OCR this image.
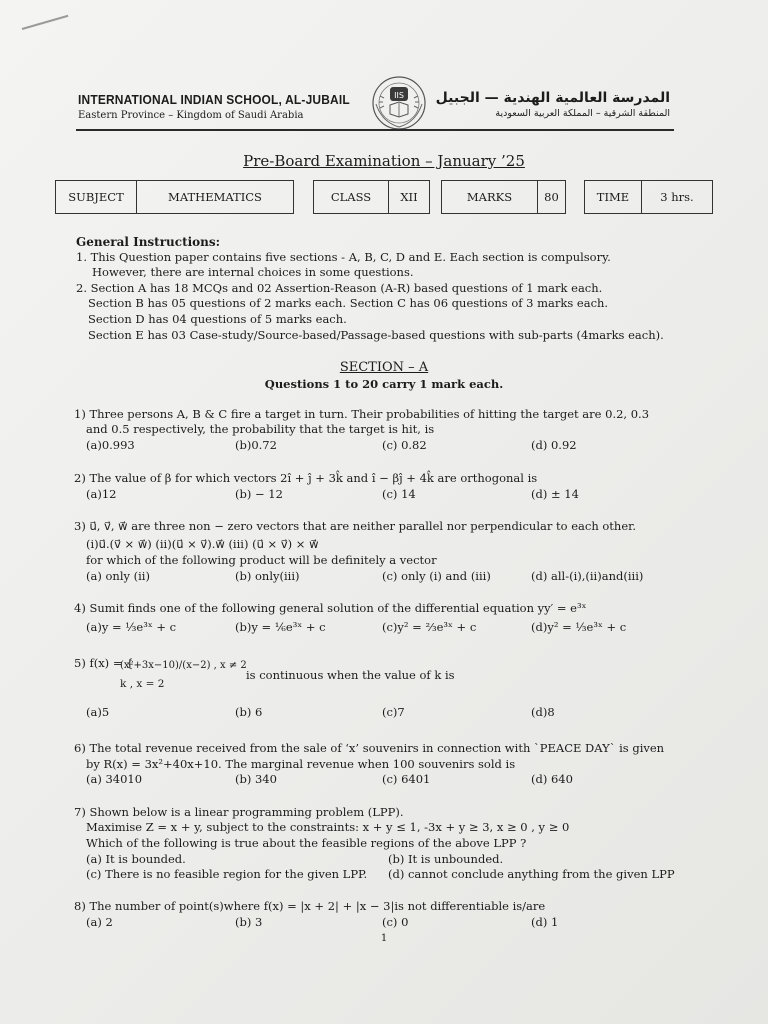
INTERNATIONAL INDIAN SCHOOL, AL-JUBAIL
Eastern Province – Kingdom of Saudi Arabia
IIS المدرسة العالمية الهندية — الجبيل
المنطقة الشرقية – المملكة العربية السعودية
Pre-Board Examination – January ’25
SUBJECT	MATHEMATICS	CLASS	XII	MARKS	80	TIME	3 hrs.
General Instructions:
1. This Question paper contains five sections - A, B, C, D and E. Each section is compulsory.
However, there are internal choices in some questions.
2. Section A has 18 MCQs and 02 Assertion-Reason (A-R) based questions of 1 mark each.
Section B has 05 questions of 2 marks each. Section C has 06 questions of 3 marks each.
Section D has 04 questions of 5 marks each.
Section E has 03 Case-study/Source-based/Passage-based questions with sub-parts (4marks each).
SECTION – A
Questions 1 to 20 carry 1 mark each.
1) Three persons A, B & C fire a target in turn. Their probabilities of hitting the target are 0.2, 0.3
and 0.5 respectively, the probability that the target is hit, is
(a)0.993	(b)0.72	(c) 0.82	(d) 0.92
2) The value of β for which vectors 2î + ĵ + 3k̂ and î − βĵ + 4k̂ are orthogonal is
(a)12	(b) − 12	(c) 14	(d) ± 14
3) u⃗, v⃗, w⃗ are three non − zero vectors that are neither parallel nor perpendicular to each other.
(i)u⃗.(v⃗ × w⃗) (ii)(u⃗ × v⃗).w⃗ (iii) (u⃗ × v⃗) × w⃗
for which of the following product will be definitely a vector
(a) only (ii)	(b) only(iii)	(c) only (i) and (iii)	(d) all-(i),(ii)and(iii)
4) Sumit finds one of the following general solution of the differential equation yy′ = e³ˣ
(a)y = ⅓e³ˣ + c	(b)y = ⅙e³ˣ + c	(c)y² = ⅔e³ˣ + c	(d)y² = ⅓e³ˣ + c
5) f(x) = {
(x²+3x−10)/(x−2) , x ≠ 2
k , x = 2
is continuous when the value of k is
(a)5	(b) 6	(c)7	(d)8
6) The total revenue received from the sale of ‘x’ souvenirs in connection with `PEACE DAY` is given
by R(x) = 3x²+40x+10. The marginal revenue when 100 souvenirs sold is
(a) 34010	(b) 340	(c) 6401	(d) 640
7) Shown below is a linear programming problem (LPP).
Maximise Z = x + y, subject to the constraints: x + y ≤ 1, -3x + y ≥ 3, x ≥ 0 , y ≥ 0
Which of the following is true about the feasible regions of the above LPP ?
(a) It is bounded.	(b) It is unbounded.
(c) There is no feasible region for the given LPP. (d) cannot conclude anything from the given LPP
8) The number of point(s)where f(x) = |x + 2| + |x − 3|is not differentiable is/are
(a) 2	(b) 3	(c) 0	(d) 1
1
